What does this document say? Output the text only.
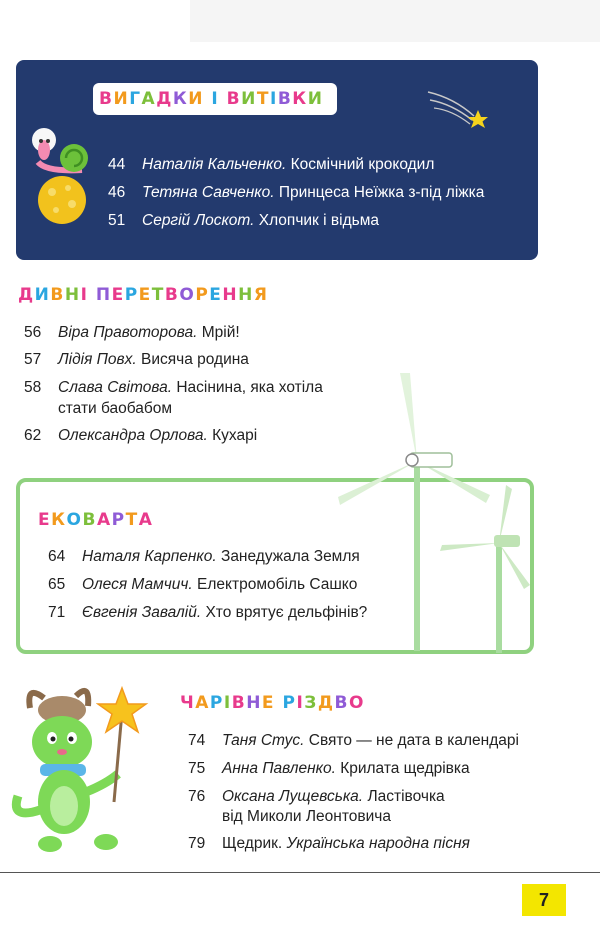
ВИГАДКИ І ВИТІВКИ
44 Наталія Кальченко. Космічний крокодил
46 Тетяна Савченко. Принцеса Неїжка з-під ліжка
51 Сергій Лоскот. Хлопчик і відьма
ДИВНІ ПЕРЕТВОРЕННЯ
56 Віра Правоторова. Мрій!
57 Лідія Повх. Висяча родина
58 Слава Світова. Насінина, яка хотіла
стати баобабом
62 Олександра Орлова. Кухарі
ЕКОВАРТА
64 Наталя Карпенко. Занедужала Земля
65 Олеся Мамчич. Електромобіль Сашко
71 Євгенія Завалій. Хто врятує дельфінів?
ЧАРІВНЕ РІЗДВО
74 Таня Стус. Свято — не дата в календарі
75 Анна Павленко. Крилата щедрівка
76 Оксана Лущевська. Ластівочка
від Миколи Леонтовича
79 Щедрик. Українська народна пісня
7
